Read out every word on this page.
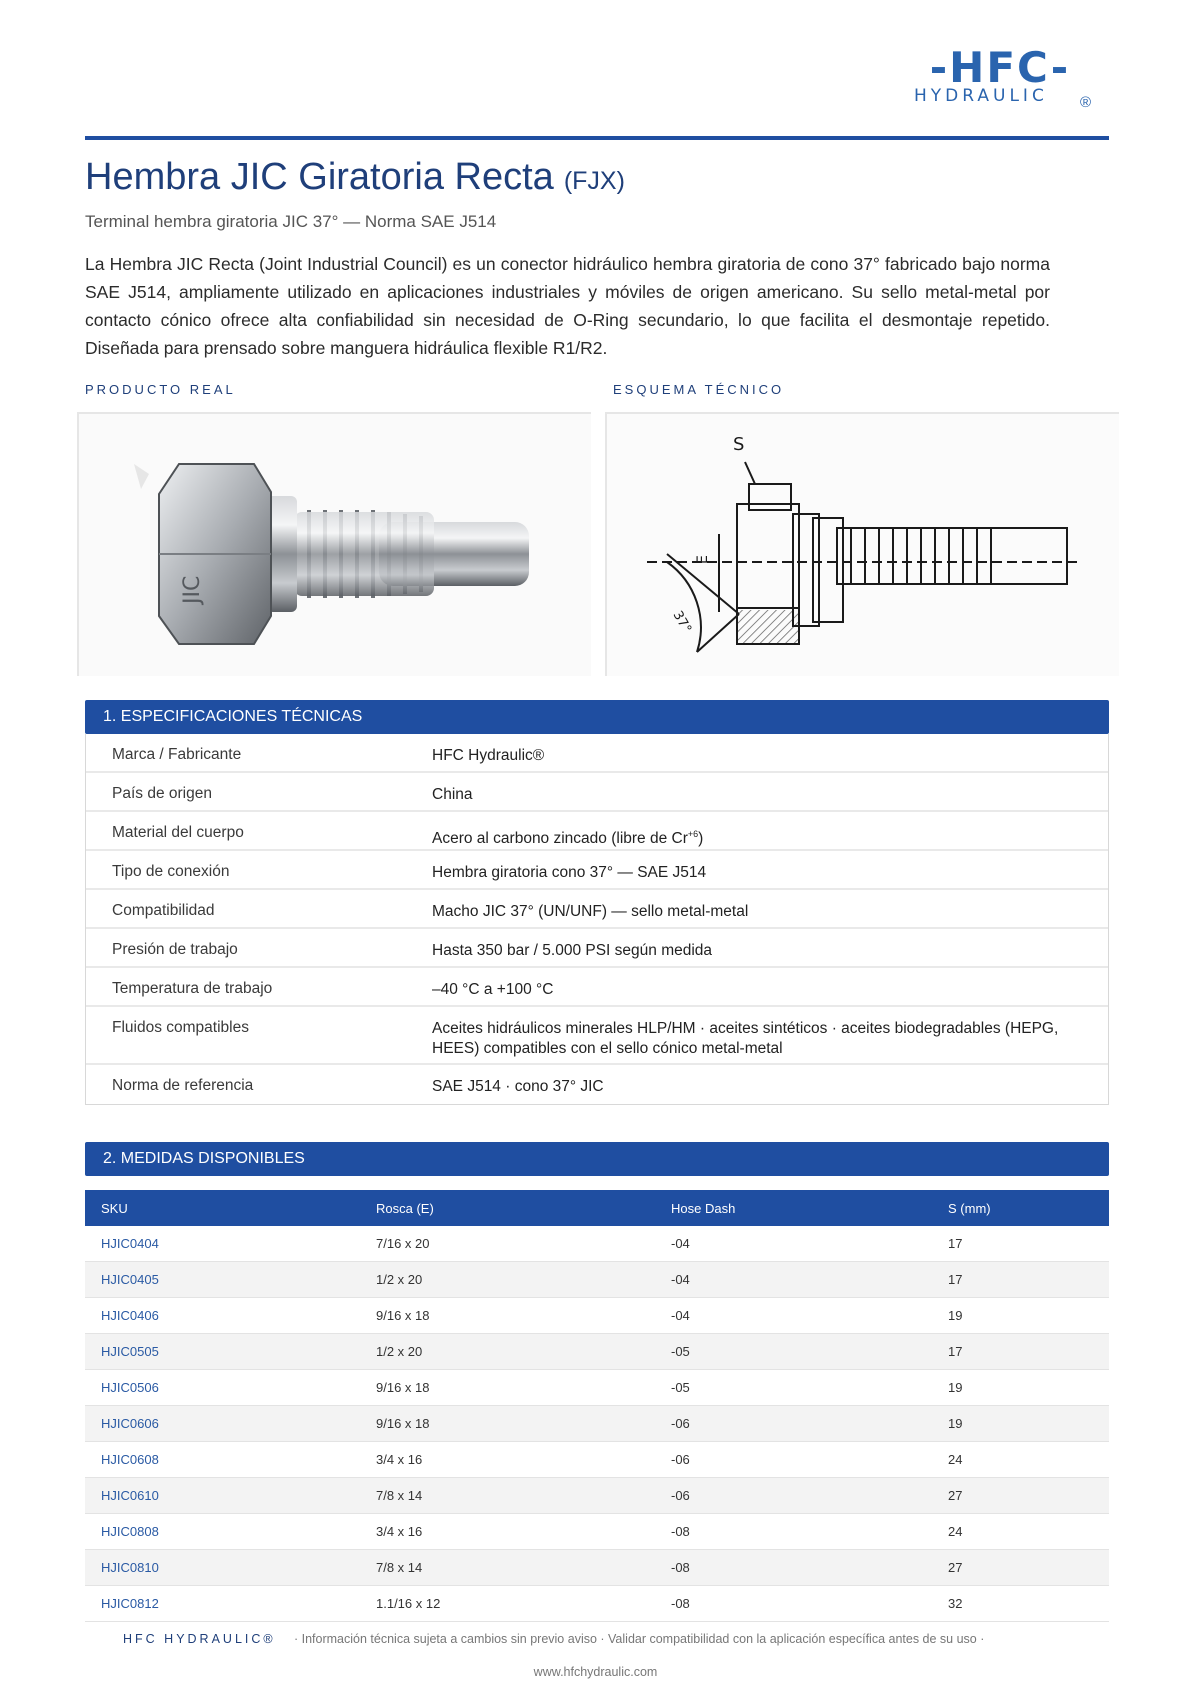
-HFC-
HYDRAULIC ®
Hembra JIC Giratoria Recta (FJX)
Terminal hembra giratoria JIC 37° — Norma SAE J514

La Hembra JIC Recta (Joint Industrial Council) es un conector hidráulico hembra giratoria de cono 37° fabricado bajo norma SAE J514, ampliamente utilizado en aplicaciones industriales y móviles de origen americano. Su sello metal-metal por contacto cónico ofrece alta confiabilidad sin necesidad de O-Ring secundario, lo que facilita el desmontaje repetido. Diseñada para prensado sobre manguera hidráulica flexible R1/R2.

PRODUCTO REAL	ESQUEMA TÉCNICO
JIC
S
E
37°
1. ESPECIFICACIONES TÉCNICAS
Marca / Fabricante	HFC Hydraulic®
País de origen	China
Material del cuerpo	Acero al carbono zincado (libre de $Cr^{+6}$)
Tipo de conexión	Hembra giratoria cono 37° — SAE J514
Compatibilidad	Macho JIC 37° (UN/UNF) — sello metal-metal
Presión de trabajo	Hasta 350 bar / 5.000 PSI según medida
Temperatura de trabajo	–40 °C a +100 °C
Fluidos compatibles	Aceites hidráulicos minerales HLP/HM · aceites sintéticos · aceites biodegradables (HEPG, HEES) compatibles con el sello cónico metal-metal
Norma de referencia	SAE J514 · cono 37° JIC
2. MEDIDAS DISPONIBLES
SKU	Rosca (E)	Hose Dash	S (mm)
HJIC0404	7/16 x 20	-04	17
HJIC0405	1/2 x 20	-04	17
HJIC0406	9/16 x 18	-04	19
HJIC0505	1/2 x 20	-05	17
HJIC0506	9/16 x 18	-05	19
HJIC0606	9/16 x 18	-06	19
HJIC0608	3/4 x 16	-06	24
HJIC0610	7/8 x 14	-06	27
HJIC0808	3/4 x 16	-08	24
HJIC0810	7/8 x 14	-08	27
HJIC0812	1.1/16 x 12	-08	32
HFC HYDRAULIC® · Información técnica sujeta a cambios sin previo aviso · Validar compatibilidad con la aplicación específica antes de su uso ·
www.hfchydraulic.com
